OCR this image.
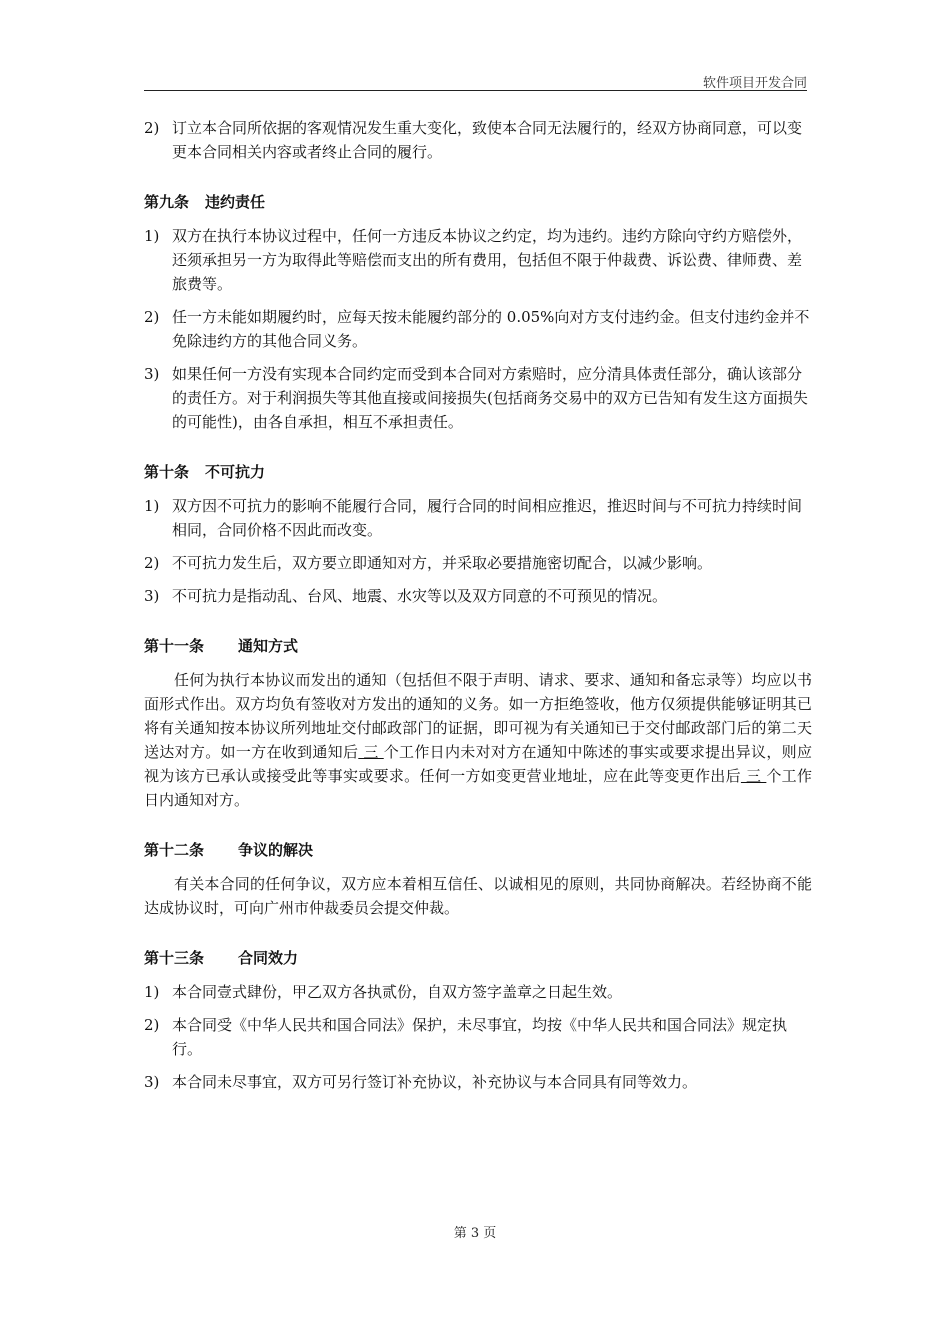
软件项目开发合同
2) 订立本合同所依据的客观情况发生重大变化，致使本合同无法履行的，经双方协商同意，可以变更本合同相关内容或者终止合同的履行。
第九条 违约责任
1) 双方在执行本协议过程中，任何一方违反本协议之约定，均为违约。违约方除向守约方赔偿外，还须承担另一方为取得此等赔偿而支出的所有费用，包括但不限于仲裁费、诉讼费、律师费、差旅费等。
2) 任一方未能如期履约时，应每天按未能履约部分的 0.05%向对方支付违约金。但支付违约金并不免除违约方的其他合同义务。
3) 如果任何一方没有实现本合同约定而受到本合同对方索赔时，应分清具体责任部分，确认该部分的责任方。对于利润损失等其他直接或间接损失(包括商务交易中的双方已告知有发生这方面损失的可能性)，由各自承担，相互不承担责任。
第十条 不可抗力
1) 双方因不可抗力的影响不能履行合同，履行合同的时间相应推迟，推迟时间与不可抗力持续时间相同，合同价格不因此而改变。
2) 不可抗力发生后，双方要立即通知对方，并采取必要措施密切配合，以减少影响。
3) 不可抗力是指动乱、台风、地震、水灾等以及双方同意的不可预见的情况。
第十一条 通知方式
任何为执行本协议而发出的通知（包括但不限于声明、请求、要求、通知和备忘录等）均应以书面形式作出。双方均负有签收对方发出的通知的义务。如一方拒绝签收，他方仅须提供能够证明其已将有关通知按本协议所列地址交付邮政部门的证据，即可视为有关通知已于交付邮政部门后的第二天送达对方。如一方在收到通知后 三 个工作日内未对对方在通知中陈述的事实或要求提出异议，则应视为该方已承认或接受此等事实或要求。任何一方如变更营业地址，应在此等变更作出后 三 个工作日内通知对方。
第十二条 争议的解决
有关本合同的任何争议，双方应本着相互信任、以诚相见的原则，共同协商解决。若经协商不能达成协议时，可向广州市仲裁委员会提交仲裁。
第十三条 合同效力
1) 本合同壹式肆份，甲乙双方各执贰份，自双方签字盖章之日起生效。
2) 本合同受《中华人民共和国合同法》保护，未尽事宜，均按《中华人民共和国合同法》规定执行。
3) 本合同未尽事宜，双方可另行签订补充协议，补充协议与本合同具有同等效力。
第 3 页
